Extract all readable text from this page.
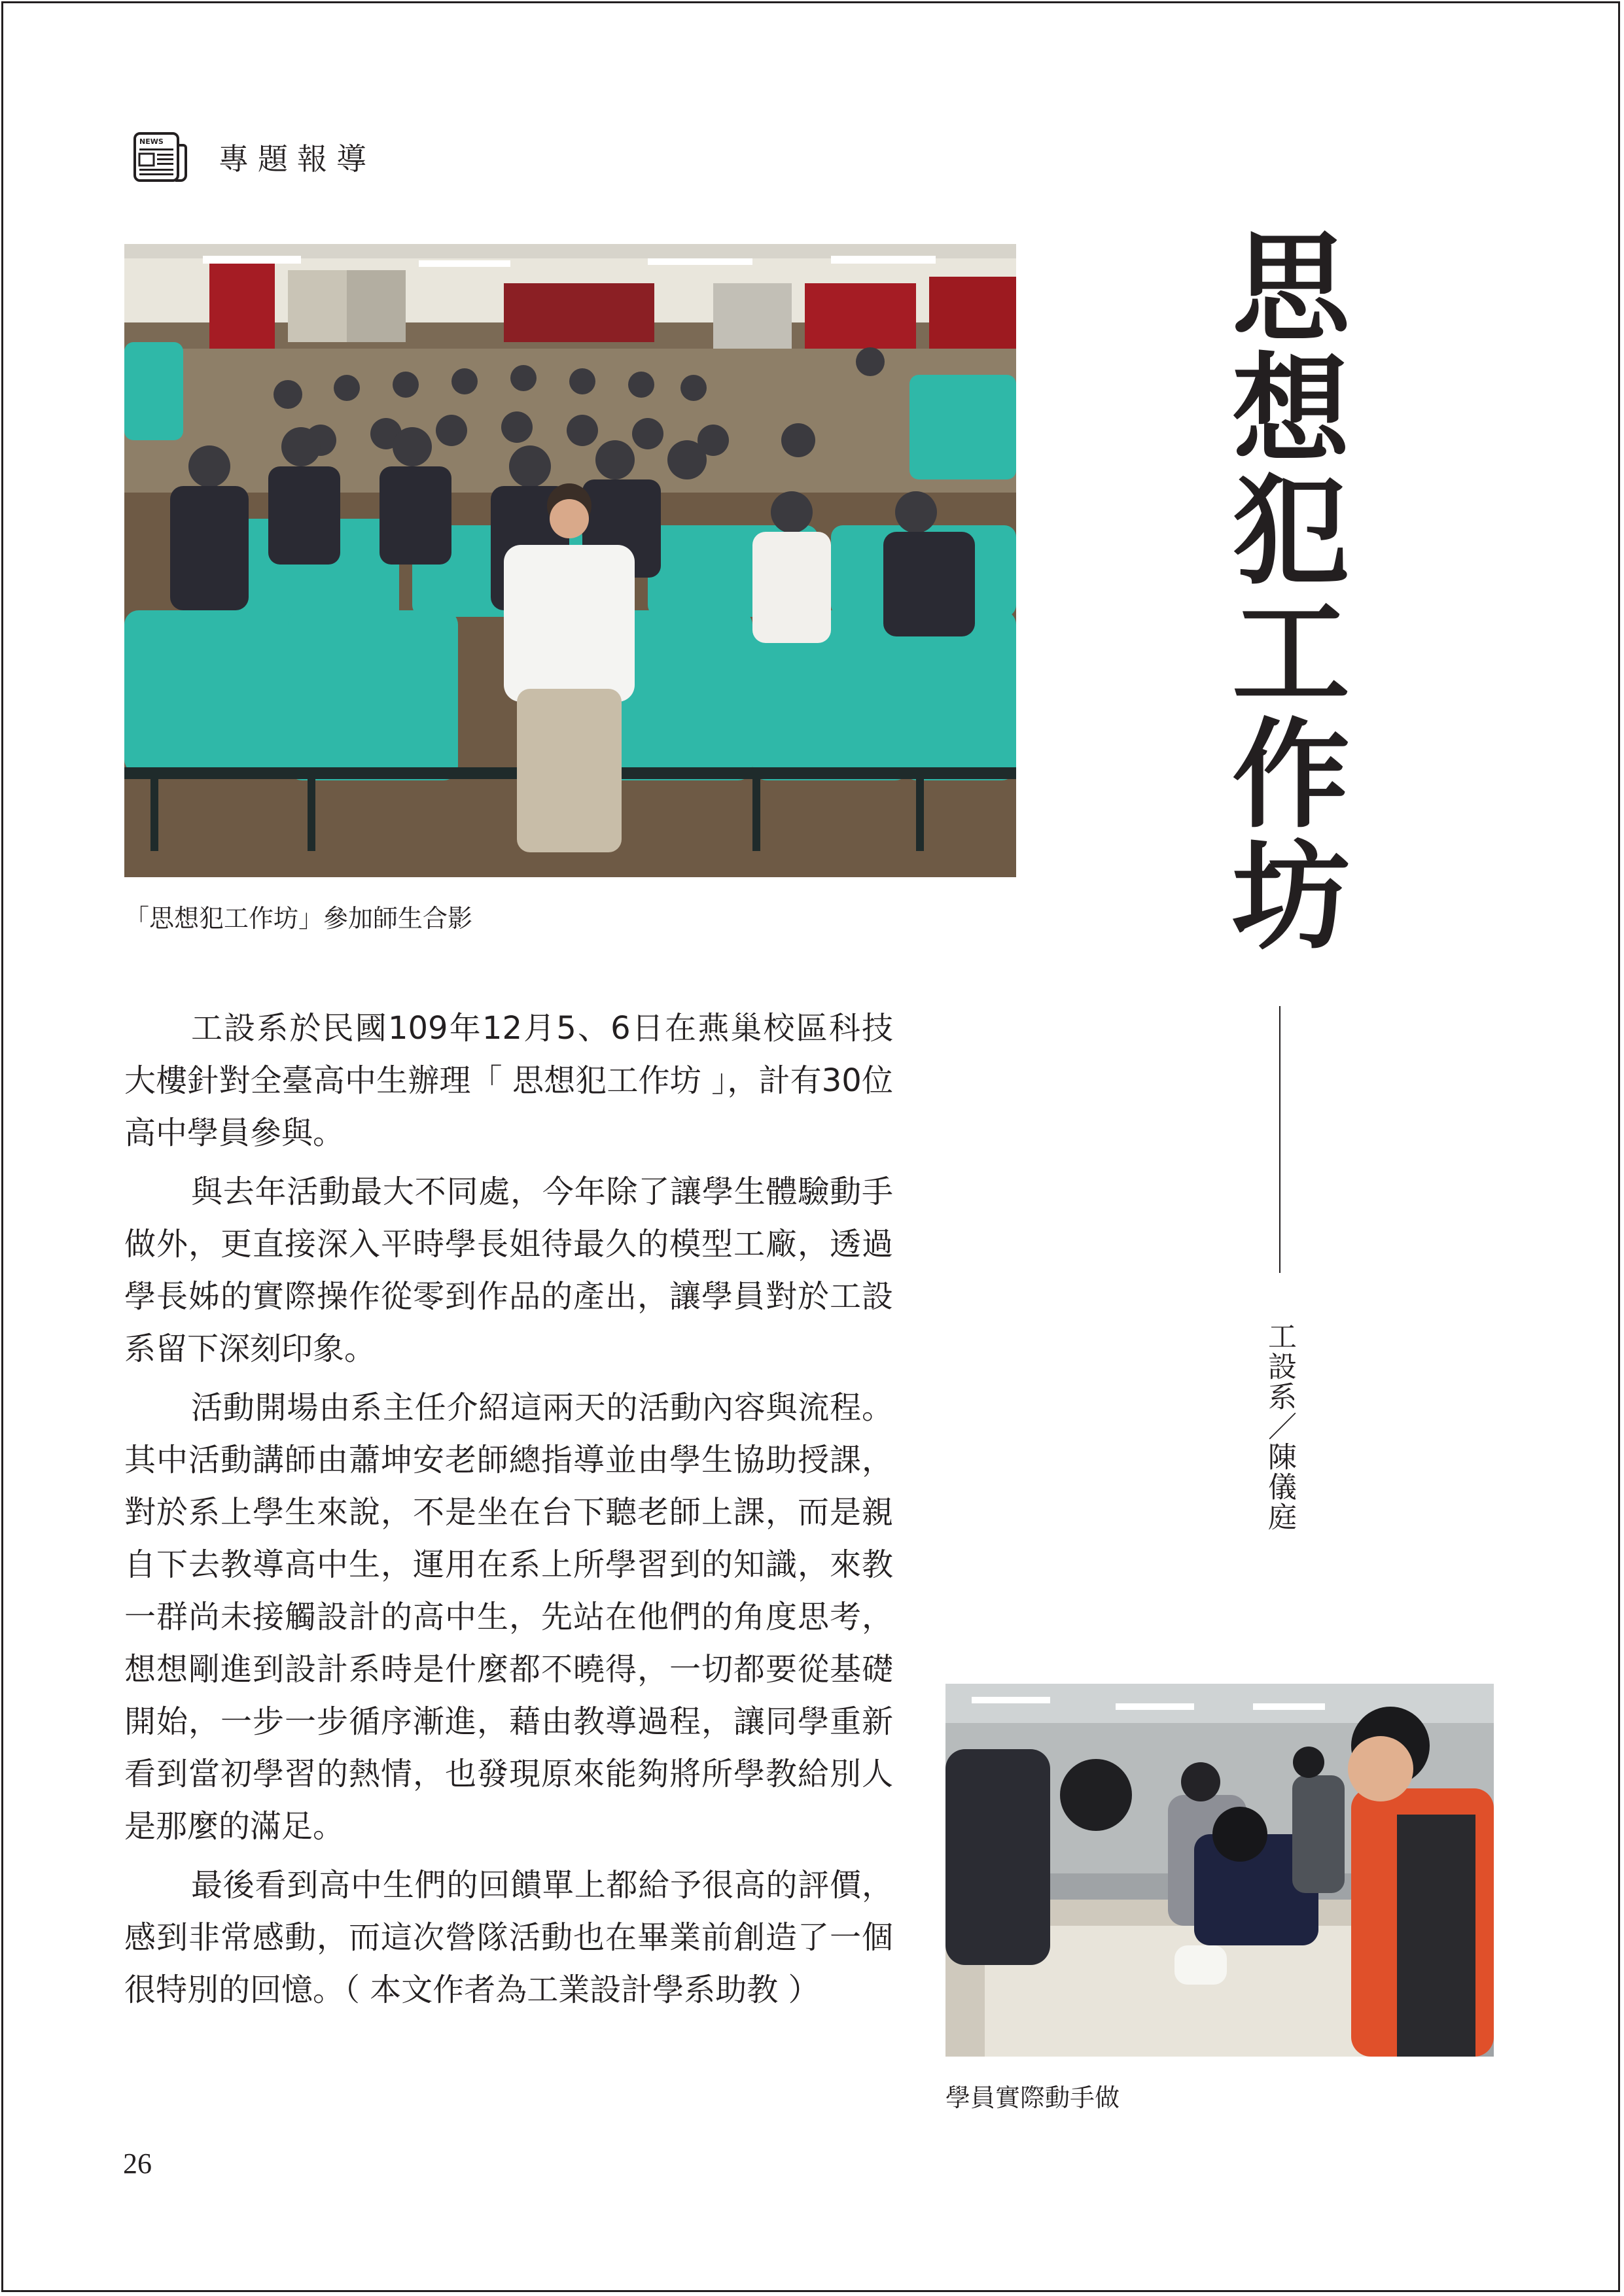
NEWS 專題報導
「思想犯工作坊」參加師生合影	思想犯工作坊
工設系／陳儀庭

工設系於民國109年12月5、6日在燕巢校區科技大樓針對全臺高中生辦理「 思想犯工作坊 」，計有30位高中學員參與。

與去年活動最大不同處，今年除了讓學生體驗動手做外，更直接深入平時學長姐待最久的模型工廠，透過學長姊的實際操作從零到作品的產出，讓學員對於工設系留下深刻印象。

活動開場由系主任介紹這兩天的活動內容與流程。其中活動講師由蕭坤安老師總指導並由學生協助授課，對於系上學生來說，不是坐在台下聽老師上課，而是親自下去教導高中生，運用在系上所學習到的知識，來教一群尚未接觸設計的高中生，先站在他們的角度思考，想想剛進到設計系時是什麼都不曉得，一切都要從基礎開始，一步一步循序漸進，藉由教導過程，讓同學重新看到當初學習的熱情，也發現原來能夠將所學教給別人是那麼的滿足。

最後看到高中生們的回饋單上都給予很高的評價，感到非常感動，而這次營隊活動也在畢業前創造了一個很特別的回憶。（ 本文作者為工業設計學系助教 ）

學員實際動手做
26
